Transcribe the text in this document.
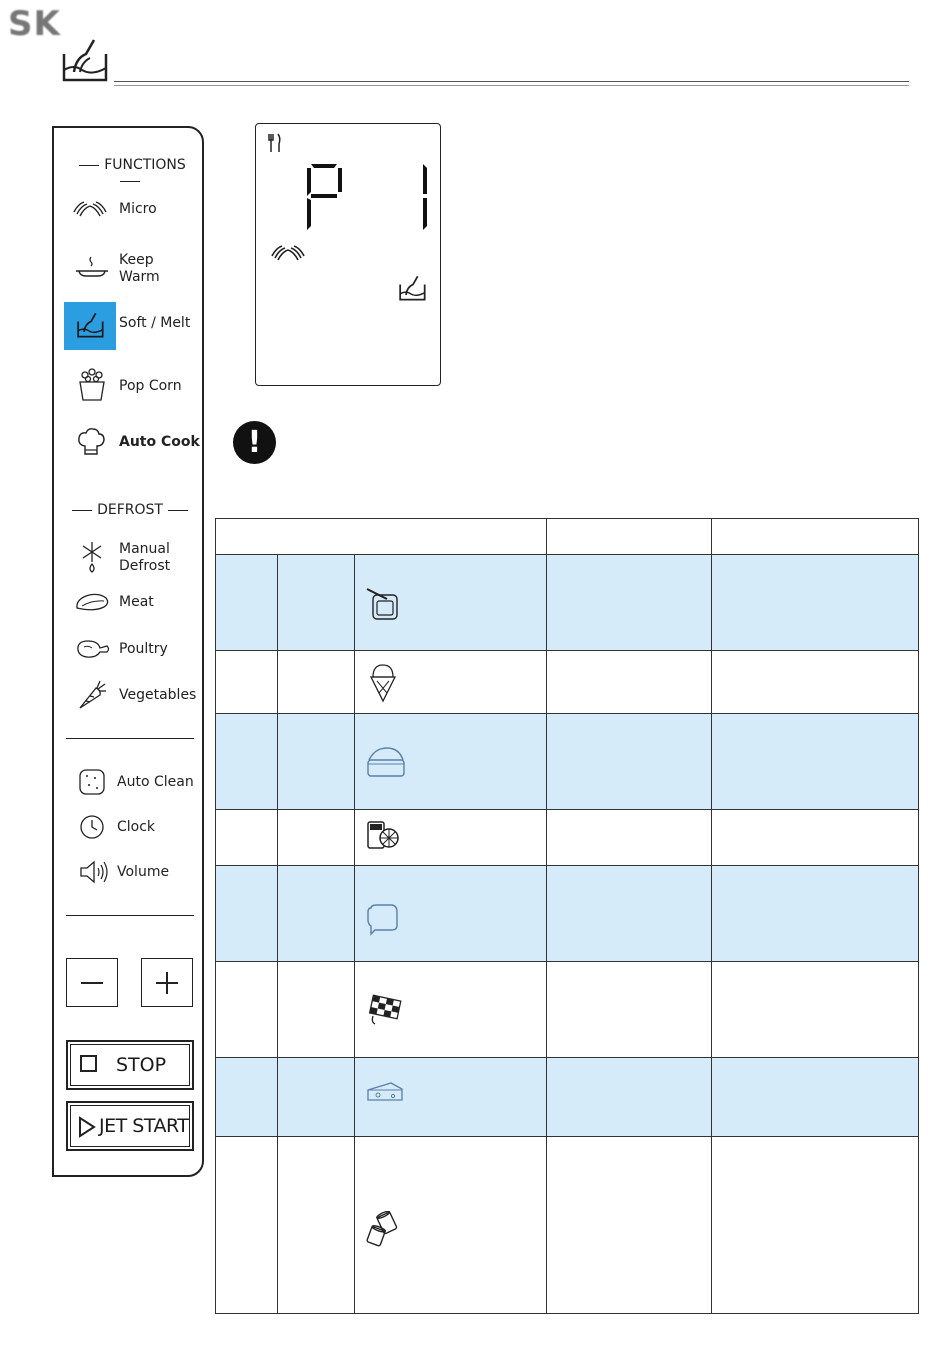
SK
FUNCTIONS
Micro
Keep
Warm
Soft / Melt
Pop Corn
Auto Cook
DEFROST
Manual
Defrost
Meat
Poultry
Vegetables
Auto Clean
Clock
Volume
STOP
JET START
!
